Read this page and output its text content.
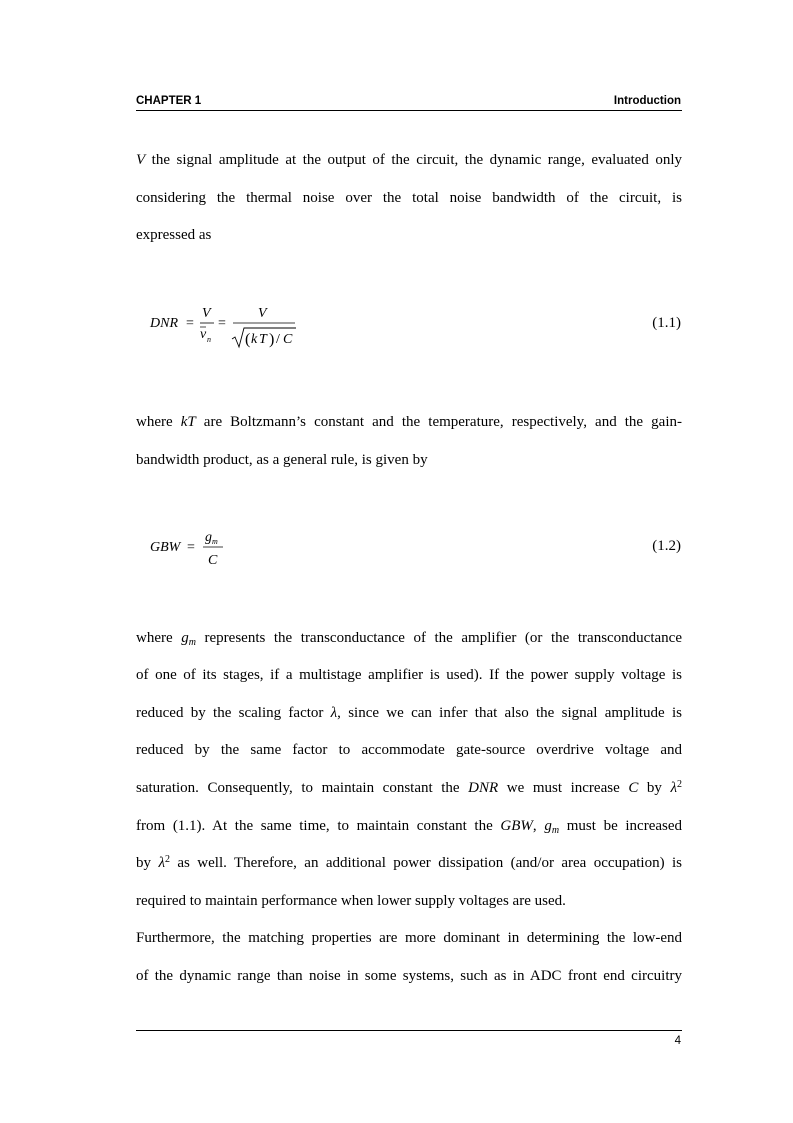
CHAPTER 1	Introduction
V the signal amplitude at the output of the circuit, the dynamic range, evaluated only
considering the thermal noise over the total noise bandwidth of the circuit, is
expressed as
DNR =
V
v n
=
V
( k T ) / C
(1.1)
where kT are Boltzmann’s constant and the temperature, respectively, and the gain-
bandwidth product, as a general rule, is given by
GBW =
g m
C
(1.2)
where $g_m$ represents the transconductance of the amplifier (or the transconductance
of one of its stages, if a multistage amplifier is used). If the power supply voltage is
reduced by the scaling factor λ, since we can infer that also the signal amplitude is
reduced by the same factor to accommodate gate-source overdrive voltage and
saturation. Consequently, to maintain constant the DNR we must increase C by $\lambda^2$
from (1.1). At the same time, to maintain constant the GBW, $g_m$ must be increased
by $\lambda^2$ as well. Therefore, an additional power dissipation (and/or area occupation) is
required to maintain performance when lower supply voltages are used.
Furthermore, the matching properties are more dominant in determining the low-end
of the dynamic range than noise in some systems, such as in ADC front end circuitry
4
